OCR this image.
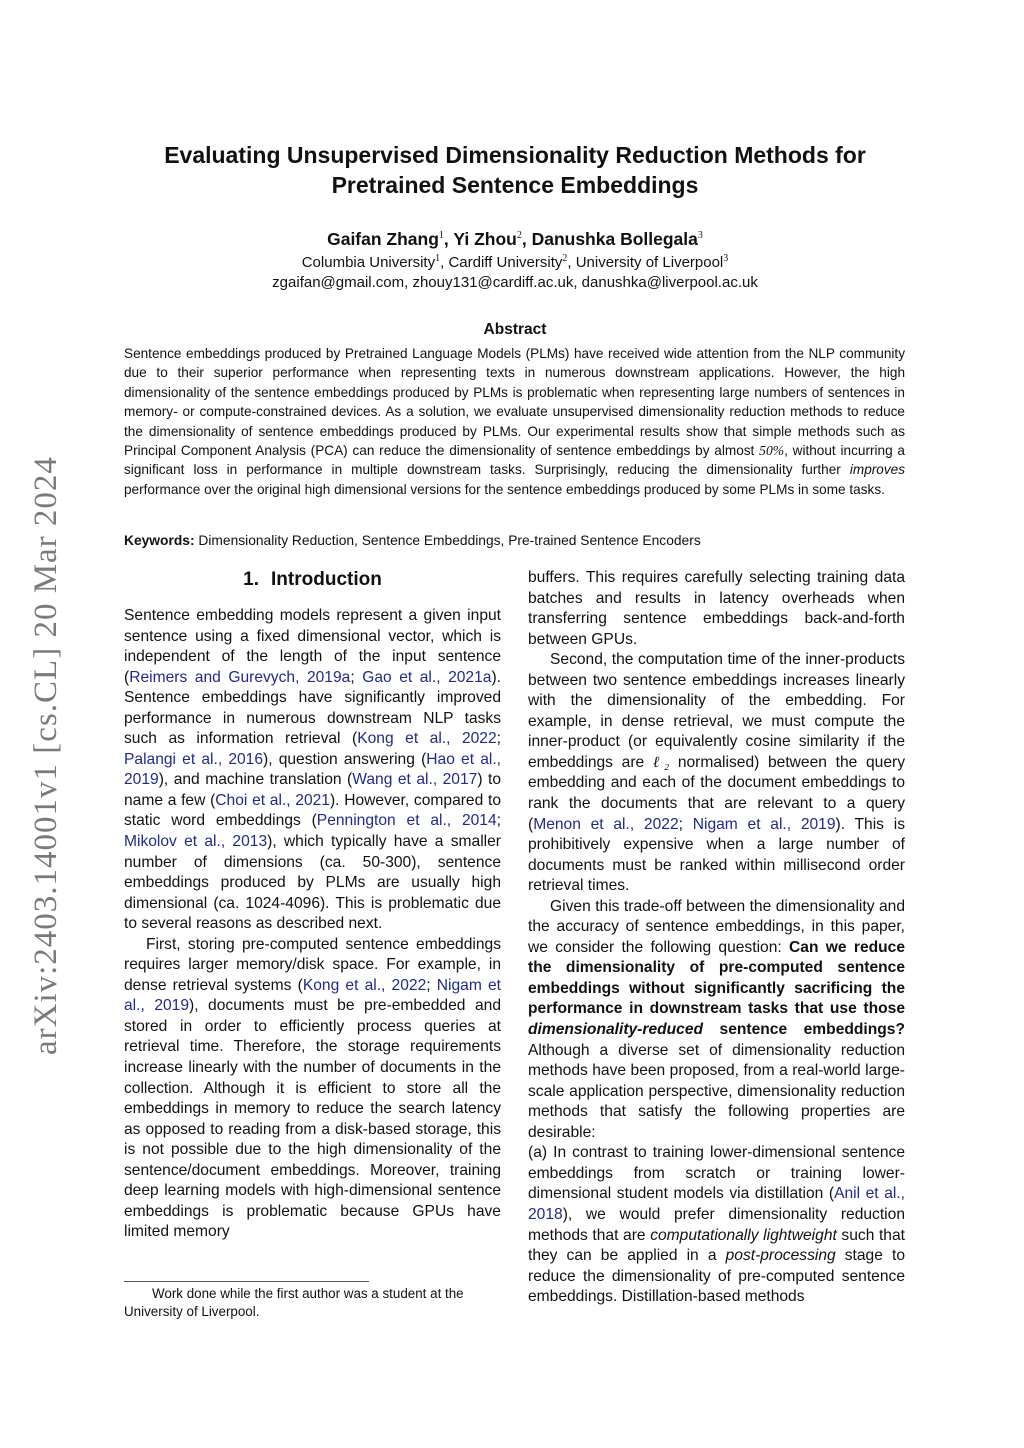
arXiv:2403.14001v1 [cs.CL] 20 Mar 2024
Evaluating Unsupervised Dimensionality Reduction Methods for
Pretrained Sentence Embeddings
Gaifan Zhang$^1$, Yi Zhou$^2$, Danushka Bollegala$^3$
Columbia University$^1$, Cardiff University$^2$, University of Liverpool$^3$
zgaifan@gmail.com, zhouy131@cardiff.ac.uk, danushka@liverpool.ac.uk
Abstract
Sentence embeddings produced by Pretrained Language Models (PLMs) have received wide attention from the NLP community due to their superior performance when representing texts in numerous downstream applications. However, the high dimensionality of the sentence embeddings produced by PLMs is problematic when representing large numbers of sentences in memory- or compute-constrained devices. As a solution, we evaluate unsupervised dimensionality reduction methods to reduce the dimensionality of sentence embeddings produced by PLMs. Our experimental results show that simple methods such as Principal Component Analysis (PCA) can reduce the dimensionality of sentence embeddings by almost 50%, without incurring a significant loss in performance in multiple downstream tasks. Surprisingly, reducing the dimensionality further improves performance over the original high dimensional versions for the sentence embeddings produced by some PLMs in some tasks.
Keywords: Dimensionality Reduction, Sentence Embeddings, Pre-trained Sentence Encoders

1. Introduction

Sentence embedding models represent a given input sentence using a fixed dimensional vector, which is independent of the length of the input sentence (Reimers and Gurevych, 2019a; Gao et al., 2021a). Sentence embeddings have significantly improved performance in numerous downstream NLP tasks such as information retrieval (Kong et al., 2022; Palangi et al., 2016), question answering (Hao et al., 2019), and machine translation (Wang et al., 2017) to name a few (Choi et al., 2021). However, compared to static word embeddings (Pennington et al., 2014; Mikolov et al., 2013), which typically have a smaller number of dimensions (ca. 50-300), sentence embeddings produced by PLMs are usually high dimensional (ca. 1024-4096). This is problematic due to several reasons as described next.

First, storing pre-computed sentence embeddings requires larger memory/disk space. For example, in dense retrieval systems (Kong et al., 2022; Nigam et al., 2019), documents must be pre-embedded and stored in order to efficiently process queries at retrieval time. Therefore, the storage requirements increase linearly with the number of documents in the collection. Although it is efficient to store all the embeddings in memory to reduce the search latency as opposed to reading from a disk-based storage, this is not possible due to the high dimensionality of the sentence/document embeddings. Moreover, training deep learning models with high-dimensional sentence embeddings is problematic because GPUs have limited memory

buffers. This requires carefully selecting training data batches and results in latency overheads when transferring sentence embeddings back-and-forth between GPUs.

Second, the computation time of the inner-products between two sentence embeddings increases linearly with the dimensionality of the embedding. For example, in dense retrieval, we must compute the inner-product (or equivalently cosine similarity if the embeddings are ℓ₂ normalised) between the query embedding and each of the document embeddings to rank the documents that are relevant to a query (Menon et al., 2022; Nigam et al., 2019). This is prohibitively expensive when a large number of documents must be ranked within millisecond order retrieval times.

Given this trade-off between the dimensionality and the accuracy of sentence embeddings, in this paper, we consider the following question: Can we reduce the dimensionality of pre-computed sentence embeddings without significantly sacrificing the performance in downstream tasks that use those dimensionality-reduced sentence embeddings? Although a diverse set of dimensionality reduction methods have been proposed, from a real-world large-scale application perspective, dimensionality reduction methods that satisfy the following properties are desirable:

(a) In contrast to training lower-dimensional sentence embeddings from scratch or training lower-dimensional student models via distillation (Anil et al., 2018), we would prefer dimensionality reduction methods that are computationally lightweight such that they can be applied in a post-processing stage to reduce the dimensionality of pre-computed sentence embeddings. Distillation-based methods

Work done while the first author was a student at the University of Liverpool.
